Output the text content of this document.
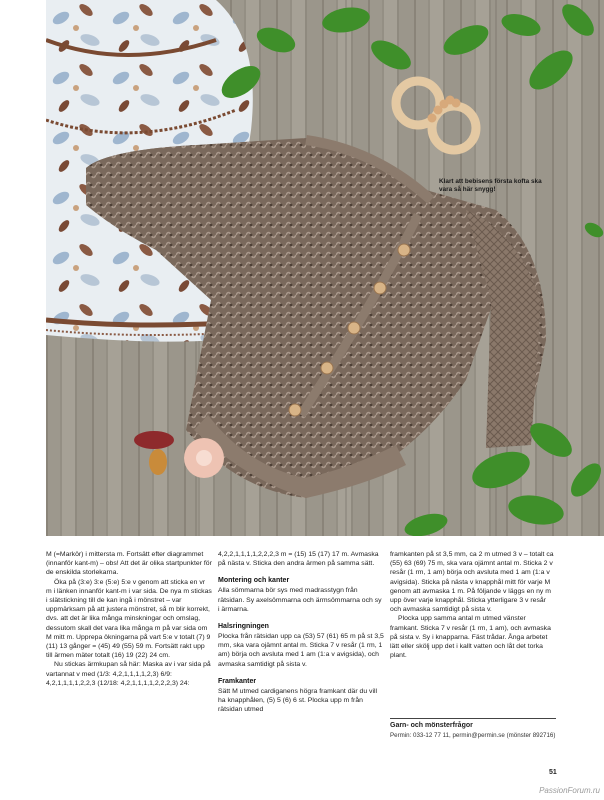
Klart att bebisens första kofta ska vara så här snygg!

M (=Markör) i mittersta m. Fortsätt efter diagrammet (innanför kant-m) – obs! Att det är olika startpunkter för de enskilda storlekarna.

Öka på (3:e) 3:e (5:e) 5:e v genom att sticka en vr m i länken innanför kant-m i var sida. De nya m stickas i slätstickning till de kan ingå i mönstret – var uppmärksam på att justera mönstret, så m blir korrekt, dvs. att det är lika många minskningar och omslag, dessutom skall det vara lika många m på var sida om M mitt m. Upprepa ökningarna på vart 5:e v totalt (7) 9 (11) 13 gånger = (45) 49 (55) 59 m. Fortsätt rakt upp till ärmen mäter totalt (16) 19 (22) 24 cm.

Nu stickas ärmkupan så här: Maska av i var sida på vartannat v med (1/3: 4,2,1,1,1,1,2,3) 6/9: 4,2,1,1,1,1,2,2,3 (12/18: 4,2,1,1,1,1,2,2,2,3) 24:

4,2,2,1,1,1,1,2,2,2,3 m = (15) 15 (17) 17 m. Avmaska på nästa v. Sticka den andra ärmen på samma sätt.

Montering och kanter

Alla sömmarna bör sys med madrasstygn från rätsidan. Sy axelsömmarna och ärmsömmarna och sy i ärmarna.

Halsringningen

Plocka från rätsidan upp ca (53) 57 (61) 65 m på st 3,5 mm, ska vara ojämnt antal m. Sticka 7 v resår (1 rm, 1 am) börja och avsluta med 1 am (1:a v avigsida), och avmaska samtidigt på sista v.

Framkanter

Sätt M utmed cardiganens högra framkant där du vill ha knapphålen, (5) 5 (6) 6 st. Plocka upp m från rätsidan utmed

framkanten på st 3,5 mm, ca 2 m utmed 3 v – totalt ca (55) 63 (69) 75 m, ska vara ojämnt antal m. Sticka 2 v resår (1 rm, 1 am) börja och avsluta med 1 am (1:a v avigsida). Sticka på nästa v knapphål mitt för varje M genom att avmaska 1 m. På följande v läggs en ny m upp över varje knapphål. Sticka ytterligare 3 v resår och avmaska samtidigt på sista v.

Plocka upp samma antal m utmed vänster framkant. Sticka 7 v resår (1 rm, 1 am), och avmaska på sista v. Sy i knapparna. Fäst trådar. Ånga arbetet lätt eller skölj upp det i kallt vatten och låt det torka plant.

Garn- och mönsterfrågor
Permin: 033-12 77 11, permin@permin.se (mönster 892716)
51
PassionForum.ru
